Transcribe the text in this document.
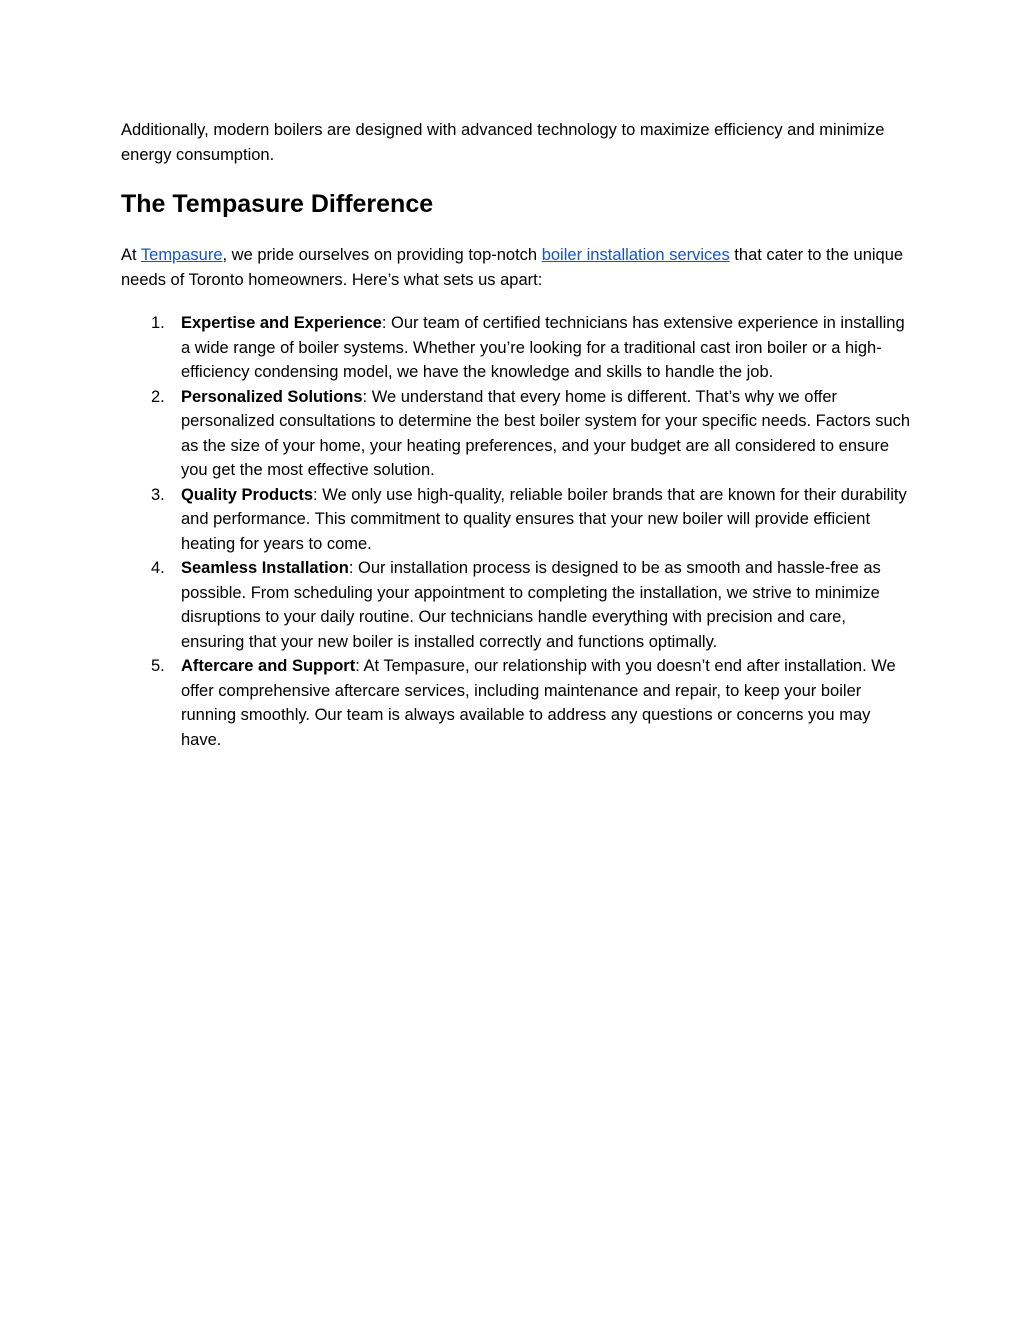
Additionally, modern boilers are designed with advanced technology to maximize efficiency and minimize energy consumption.

The Tempasure Difference

At Tempasure, we pride ourselves on providing top-notch boiler installation services that cater to the unique needs of Toronto homeowners. Here’s what sets us apart:

1. Expertise and Experience: Our team of certified technicians has extensive experience in installing a wide range of boiler systems. Whether you’re looking for a traditional cast iron boiler or a high-efficiency condensing model, we have the knowledge and skills to handle the job.
2. Personalized Solutions: We understand that every home is different. That’s why we offer personalized consultations to determine the best boiler system for your specific needs. Factors such as the size of your home, your heating preferences, and your budget are all considered to ensure you get the most effective solution.
3. Quality Products: We only use high-quality, reliable boiler brands that are known for their durability and performance. This commitment to quality ensures that your new boiler will provide efficient heating for years to come.
4. Seamless Installation: Our installation process is designed to be as smooth and hassle-free as possible. From scheduling your appointment to completing the installation, we strive to minimize disruptions to your daily routine. Our technicians handle everything with precision and care, ensuring that your new boiler is installed correctly and functions optimally.
5. Aftercare and Support: At Tempasure, our relationship with you doesn’t end after installation. We offer comprehensive aftercare services, including maintenance and repair, to keep your boiler running smoothly. Our team is always available to address any questions or concerns you may have.
